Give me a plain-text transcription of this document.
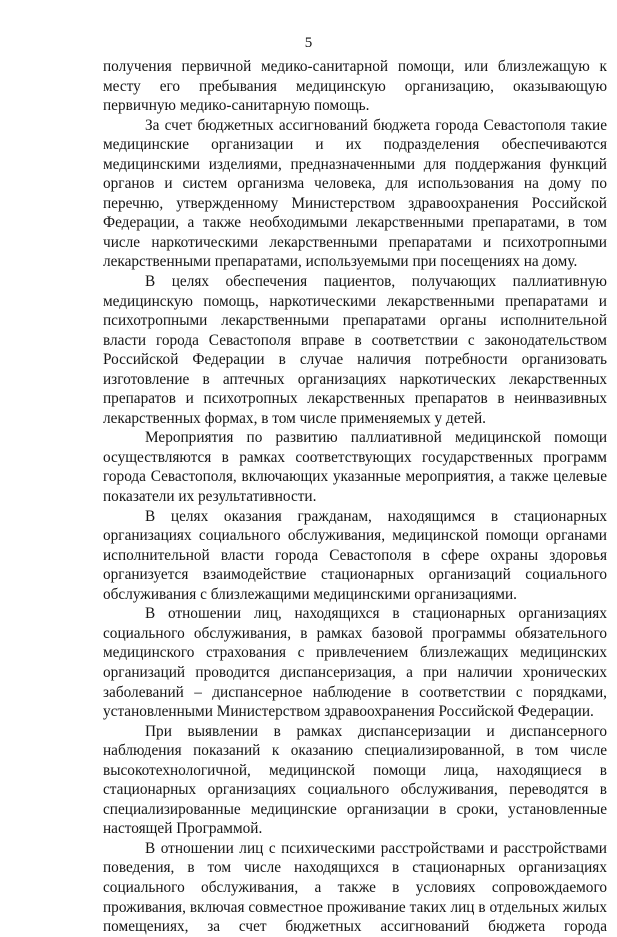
5

получения первичной медико-санитарной помощи, или близлежащую к месту его пребывания медицинскую организацию, оказывающую первичную медико-санитарную помощь.

За счет бюджетных ассигнований бюджета города Севастополя такие медицинские организации и их подразделения обеспечиваются медицинскими изделиями, предназначенными для поддержания функций органов и систем организма человека, для использования на дому по перечню, утвержденному Министерством здравоохранения Российской Федерации, а также необходимыми лекарственными препаратами, в том числе наркотическими лекарственными препаратами и психотропными лекарственными препаратами, используемыми при посещениях на дому.

В целях обеспечения пациентов, получающих паллиативную медицинскую помощь, наркотическими лекарственными препаратами и психотропными лекарственными препаратами органы исполнительной власти города Севастополя вправе в соответствии с законодательством Российской Федерации в случае наличия потребности организовать изготовление в аптечных организациях наркотических лекарственных препаратов и психотропных лекарственных препаратов в неинвазивных лекарственных формах, в том числе применяемых у детей.

Мероприятия по развитию паллиативной медицинской помощи осуществляются в рамках соответствующих государственных программ города Севастополя, включающих указанные мероприятия, а также целевые показатели их результативности.

В целях оказания гражданам, находящимся в стационарных организациях социального обслуживания, медицинской помощи органами исполнительной власти города Севастополя в сфере охраны здоровья организуется взаимодействие стационарных организаций социального обслуживания с близлежащими медицинскими организациями.

В отношении лиц, находящихся в стационарных организациях социального обслуживания, в рамках базовой программы обязательного медицинского страхования с привлечением близлежащих медицинских организаций проводится диспансеризация, а при наличии хронических заболеваний – диспансерное наблюдение в соответствии с порядками, установленными Министерством здравоохранения Российской Федерации.

При выявлении в рамках диспансеризации и диспансерного наблюдения показаний к оказанию специализированной, в том числе высокотехнологичной, медицинской помощи лица, находящиеся в стационарных организациях социального обслуживания, переводятся в специализированные медицинские организации в сроки, установленные настоящей Программой.

В отношении лиц с психическими расстройствами и расстройствами поведения, в том числе находящихся в стационарных организациях социального обслуживания, а также в условиях сопровождаемого проживания, включая совместное проживание таких лиц в отдельных жилых помещениях, за счет бюджетных ассигнований бюджета города
